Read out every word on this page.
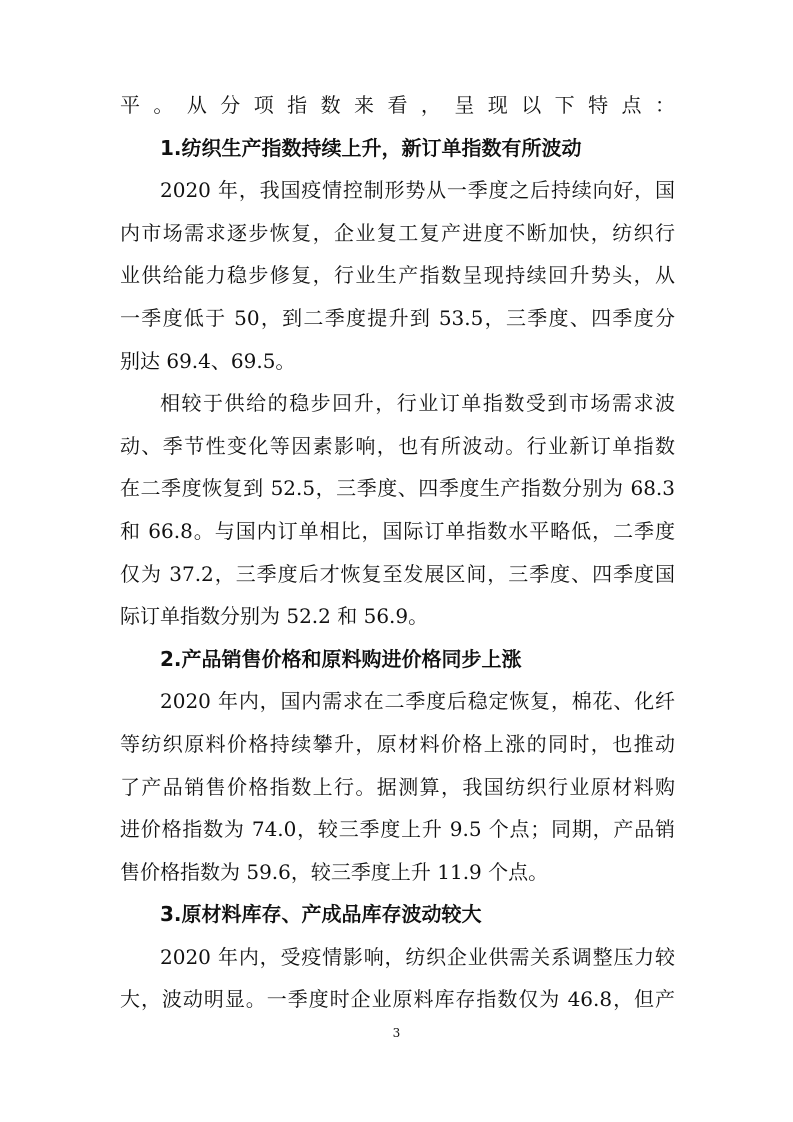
平。从分项指数来看，呈现以下特点：
1.纺织生产指数持续上升，新订单指数有所波动
2020 年，我国疫情控制形势从一季度之后持续向好，国
内市场需求逐步恢复，企业复工复产进度不断加快，纺织行
业供给能力稳步修复，行业生产指数呈现持续回升势头，从
一季度低于 50，到二季度提升到 53.5，三季度、四季度分
别达 69.4、69.5。
相较于供给的稳步回升，行业订单指数受到市场需求波
动、季节性变化等因素影响，也有所波动。行业新订单指数
在二季度恢复到 52.5，三季度、四季度生产指数分别为 68.3
和 66.8。与国内订单相比，国际订单指数水平略低，二季度
仅为 37.2，三季度后才恢复至发展区间，三季度、四季度国
际订单指数分别为 52.2 和 56.9。
2.产品销售价格和原料购进价格同步上涨
2020 年内，国内需求在二季度后稳定恢复，棉花、化纤
等纺织原料价格持续攀升，原材料价格上涨的同时，也推动
了产品销售价格指数上行。据测算，我国纺织行业原材料购
进价格指数为 74.0，较三季度上升 9.5 个点；同期，产品销
售价格指数为 59.6，较三季度上升 11.9 个点。
3.原材料库存、产成品库存波动较大
2020 年内，受疫情影响，纺织企业供需关系调整压力较
大，波动明显。一季度时企业原料库存指数仅为 46.8，但产
3
